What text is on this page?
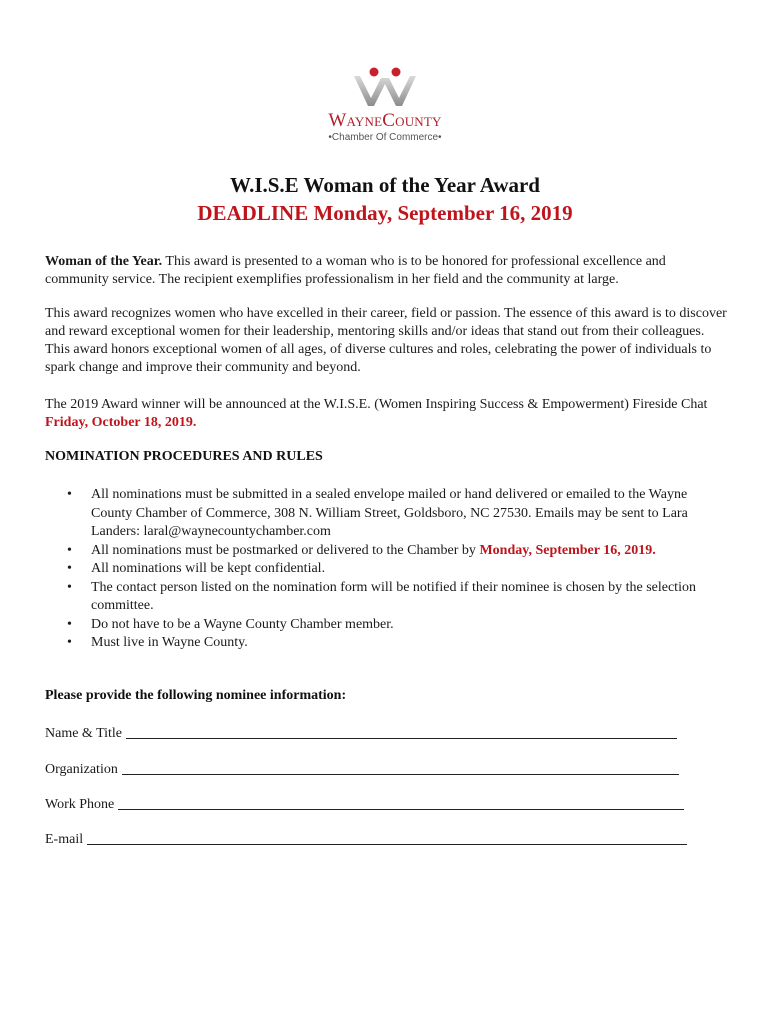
WayneCounty
•Chamber Of Commerce•
W.I.S.E Woman of the Year Award
DEADLINE Monday, September 16, 2019
Woman of the Year. This award is presented to a woman who is to be honored for professional excellence and community service. The recipient exemplifies professionalism in her field and the community at large.
This award recognizes women who have excelled in their career, field or passion. The essence of this award is to discover and reward exceptional women for their leadership, mentoring skills and/or ideas that stand out from their colleagues. This award honors exceptional women of all ages, of diverse cultures and roles, celebrating the power of individuals to spark change and improve their community and beyond.
The 2019 Award winner will be announced at the W.I.S.E. (Women Inspiring Success & Empowerment) Fireside Chat Friday, October 18, 2019.
NOMINATION PROCEDURES AND RULES
• All nominations must be submitted in a sealed envelope mailed or hand delivered or emailed to the Wayne County Chamber of Commerce, 308 N. William Street, Goldsboro, NC 27530. Emails may be sent to Lara Landers: laral@waynecountychamber.com
• All nominations must be postmarked or delivered to the Chamber by Monday, September 16, 2019.
• All nominations will be kept confidential.
• The contact person listed on the nomination form will be notified if their nominee is chosen by the selection committee.
• Do not have to be a Wayne County Chamber member.
• Must live in Wayne County.
Please provide the following nominee information:
Name & Title
Organization
Work Phone
E-mail
